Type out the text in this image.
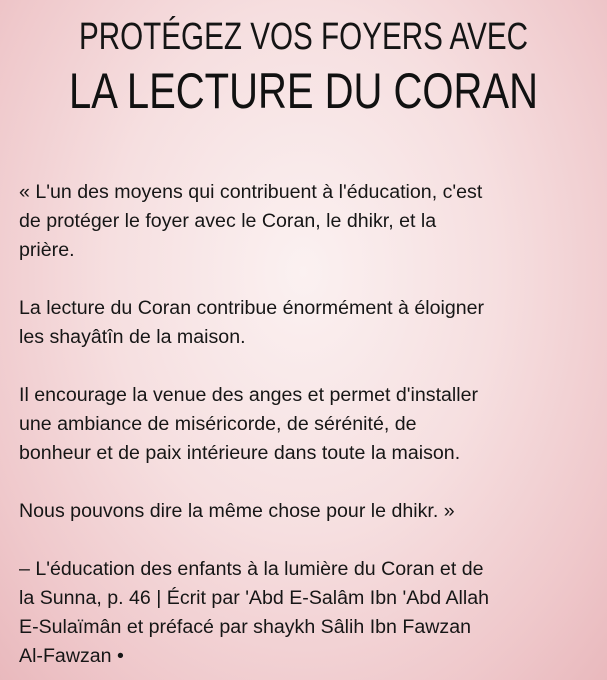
PROTÉGEZ VOS FOYERS AVEC
LA LECTURE DU CORAN

« L'un des moyens qui contribuent à l'éducation, c'est
de protéger le foyer avec le Coran, le dhikr, et la
prière.

La lecture du Coran contribue énormément à éloigner
les shayâtîn de la maison.

Il encourage la venue des anges et permet d'installer
une ambiance de miséricorde, de sérénité, de
bonheur et de paix intérieure dans toute la maison.

Nous pouvons dire la même chose pour le dhikr. »

– L'éducation des enfants à la lumière du Coran et de
la Sunna, p. 46 | Écrit par 'Abd E-Salâm Ibn 'Abd Allah
E-Sulaïmân et préfacé par shaykh Sâlih Ibn Fawzan
Al-Fawzan •
